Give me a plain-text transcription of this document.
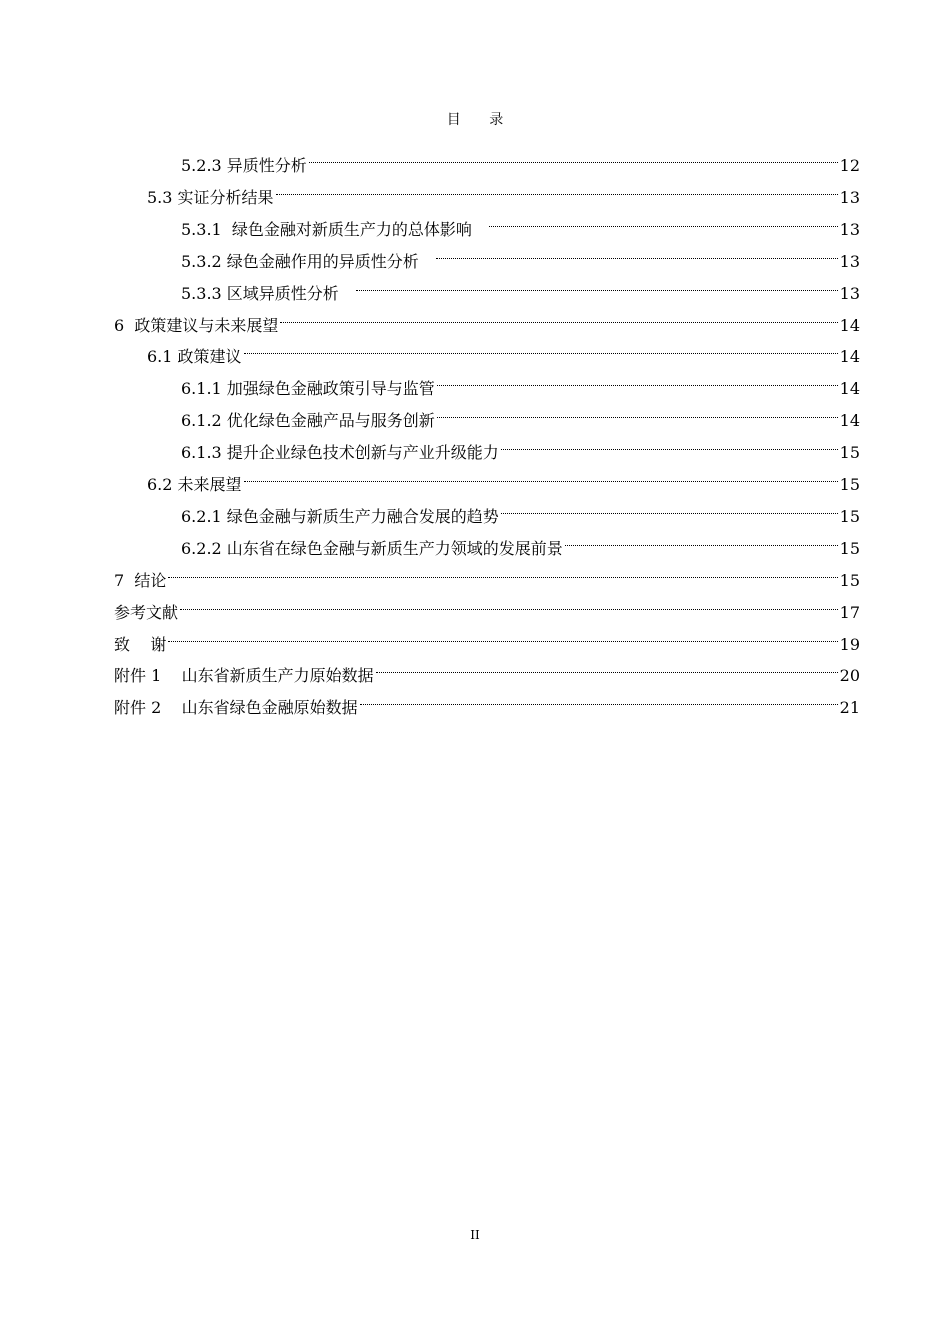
目 录
5.2.3 异质性分析	12
5.3 实证分析结果	13
5.3.1  绿色金融对新质生产力的总体影响	13
5.3.2 绿色金融作用的异质性分析	13
5.3.3 区域异质性分析	13
6  政策建议与未来展望	14
6.1 政策建议	14
6.1.1 加强绿色金融政策引导与监管	14
6.1.2 优化绿色金融产品与服务创新	14
6.1.3 提升企业绿色技术创新与产业升级能力	15
6.2 未来展望	15
6.2.1 绿色金融与新质生产力融合发展的趋势	15
6.2.2 山东省在绿色金融与新质生产力领域的发展前景	15
7  结论	15
参考文献	17
致    谢	19
附件 1    山东省新质生产力原始数据	20
附件 2    山东省绿色金融原始数据	21
II
